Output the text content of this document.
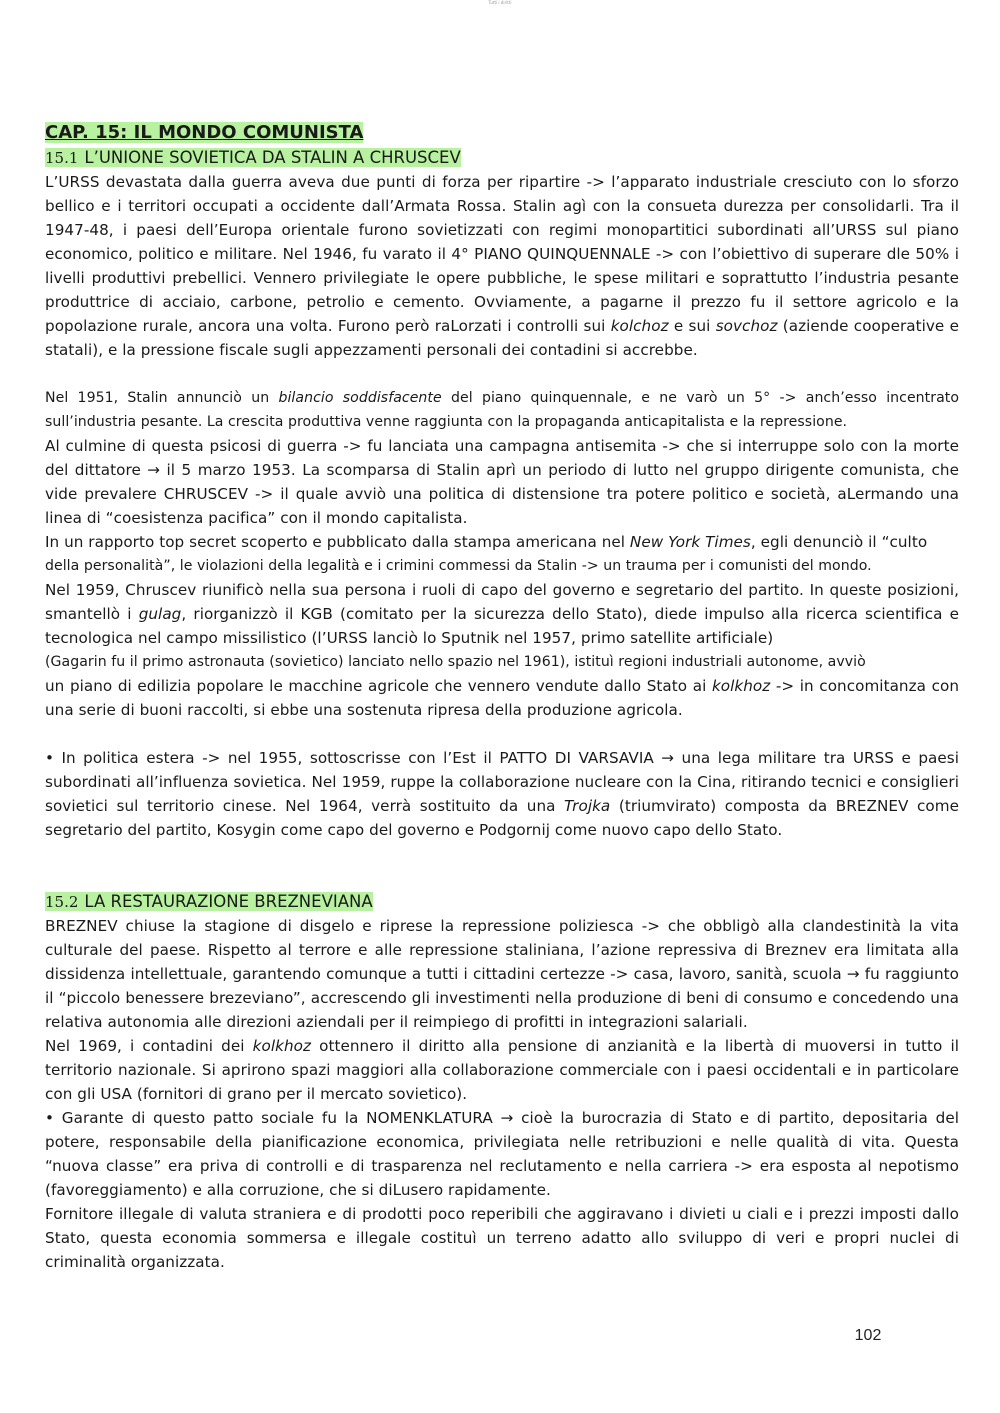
Tutti i diritti
CAP. 15: IL MONDO COMUNISTA
15.1 L’UNIONE SOVIETICA DA STALIN A CHRUSCEV

L’URSS devastata dalla guerra aveva due punti di forza per ripartire -> l’apparato industriale cresciuto con lo sforzo bellico e i territori occupati a occidente dall’Armata Rossa. Stalin agì con la consueta durezza per consolidarli. Tra il 1947-48, i paesi dell’Europa orientale furono sovietizzati con regimi monopartitici subordinati all’URSS sul piano economico, politico e militare. Nel 1946, fu varato il 4° PIANO QUINQUENNALE -> con l’obiettivo di superare dle 50% i livelli produttivi prebellici. Vennero privilegiate le opere pubbliche, le spese militari e soprattutto l’industria pesante produttrice di acciaio, carbone, petrolio e cemento. Ovviamente, a pagarne il prezzo fu il settore agricolo e la popolazione rurale, ancora una volta. Furono però raLorzati i controlli sui kolchoz e sui sovchoz (aziende cooperative e statali), e la pressione fiscale sugli appezzamenti personali dei contadini si accrebbe.

Nel 1951, Stalin annunciò un bilancio soddisfacente del piano quinquennale, e ne varò un 5° -> anch’esso incentrato sull’industria pesante. La crescita produttiva venne raggiunta con la propaganda anticapitalista e la repressione.

Al culmine di questa psicosi di guerra -> fu lanciata una campagna antisemita -> che si interruppe solo con la morte del dittatore → il 5 marzo 1953. La scomparsa di Stalin aprì un periodo di lutto nel gruppo dirigente comunista, che vide prevalere CHRUSCEV -> il quale avviò una politica di distensione tra potere politico e società, aLermando una linea di “coesistenza pacifica” con il mondo capitalista.

In un rapporto top secret scoperto e pubblicato dalla stampa americana nel New York Times, egli denunciò il “culto

della personalità”, le violazioni della legalità e i crimini commessi da Stalin -> un trauma per i comunisti del mondo.

Nel 1959, Chruscev riunificò nella sua persona i ruoli di capo del governo e segretario del partito. In queste posizioni, smantellò i gulag, riorganizzò il KGB (comitato per la sicurezza dello Stato), diede impulso alla ricerca scientifica e tecnologica nel campo missilistico (l’URSS lanciò lo Sputnik nel 1957, primo satellite artificiale)

(Gagarin fu il primo astronauta (sovietico) lanciato nello spazio nel 1961), istituì regioni industriali autonome, avviò

un piano di edilizia popolare le macchine agricole che vennero vendute dallo Stato ai kolkhoz -> in concomitanza con una serie di buoni raccolti, si ebbe una sostenuta ripresa della produzione agricola.

• In politica estera -> nel 1955, sottoscrisse con l’Est il PATTO DI VARSAVIA → una lega militare tra URSS e paesi subordinati all’influenza sovietica. Nel 1959, ruppe la collaborazione nucleare con la Cina, ritirando tecnici e consiglieri sovietici sul territorio cinese. Nel 1964, verrà sostituito da una Trojka (triumvirato) composta da BREZNEV come segretario del partito, Kosygin come capo del governo e Podgornij come nuovo capo dello Stato.

15.2 LA RESTAURAZIONE BREZNEVIANA

BREZNEV chiuse la stagione di disgelo e riprese la repressione poliziesca -> che obbligò alla clandestinità la vita culturale del paese. Rispetto al terrore e alle repressione staliniana, l’azione repressiva di Breznev era limitata alla dissidenza intellettuale, garantendo comunque a tutti i cittadini certezze -> casa, lavoro, sanità, scuola → fu raggiunto il “piccolo benessere brezeviano”, accrescendo gli investimenti nella produzione di beni di consumo e concedendo una relativa autonomia alle direzioni aziendali per il reimpiego di profitti in integrazioni salariali.

Nel 1969, i contadini dei kolkhoz ottennero il diritto alla pensione di anzianità e la libertà di muoversi in tutto il territorio nazionale. Si aprirono spazi maggiori alla collaborazione commerciale con i paesi occidentali e in particolare con gli USA (fornitori di grano per il mercato sovietico).

• Garante di questo patto sociale fu la NOMENKLATURA → cioè la burocrazia di Stato e di partito, depositaria del potere, responsabile della pianificazione economica, privilegiata nelle retribuzioni e nelle qualità di vita. Questa “nuova classe” era priva di controlli e di trasparenza nel reclutamento e nella carriera -> era esposta al nepotismo (favoreggiamento) e alla corruzione, che si diLusero rapidamente.

Fornitore illegale di valuta straniera e di prodotti poco reperibili che aggiravano i divieti u ciali e i prezzi imposti dallo Stato, questa economia sommersa e illegale costituì un terreno adatto allo sviluppo di veri e propri nuclei di criminalità organizzata.

102
